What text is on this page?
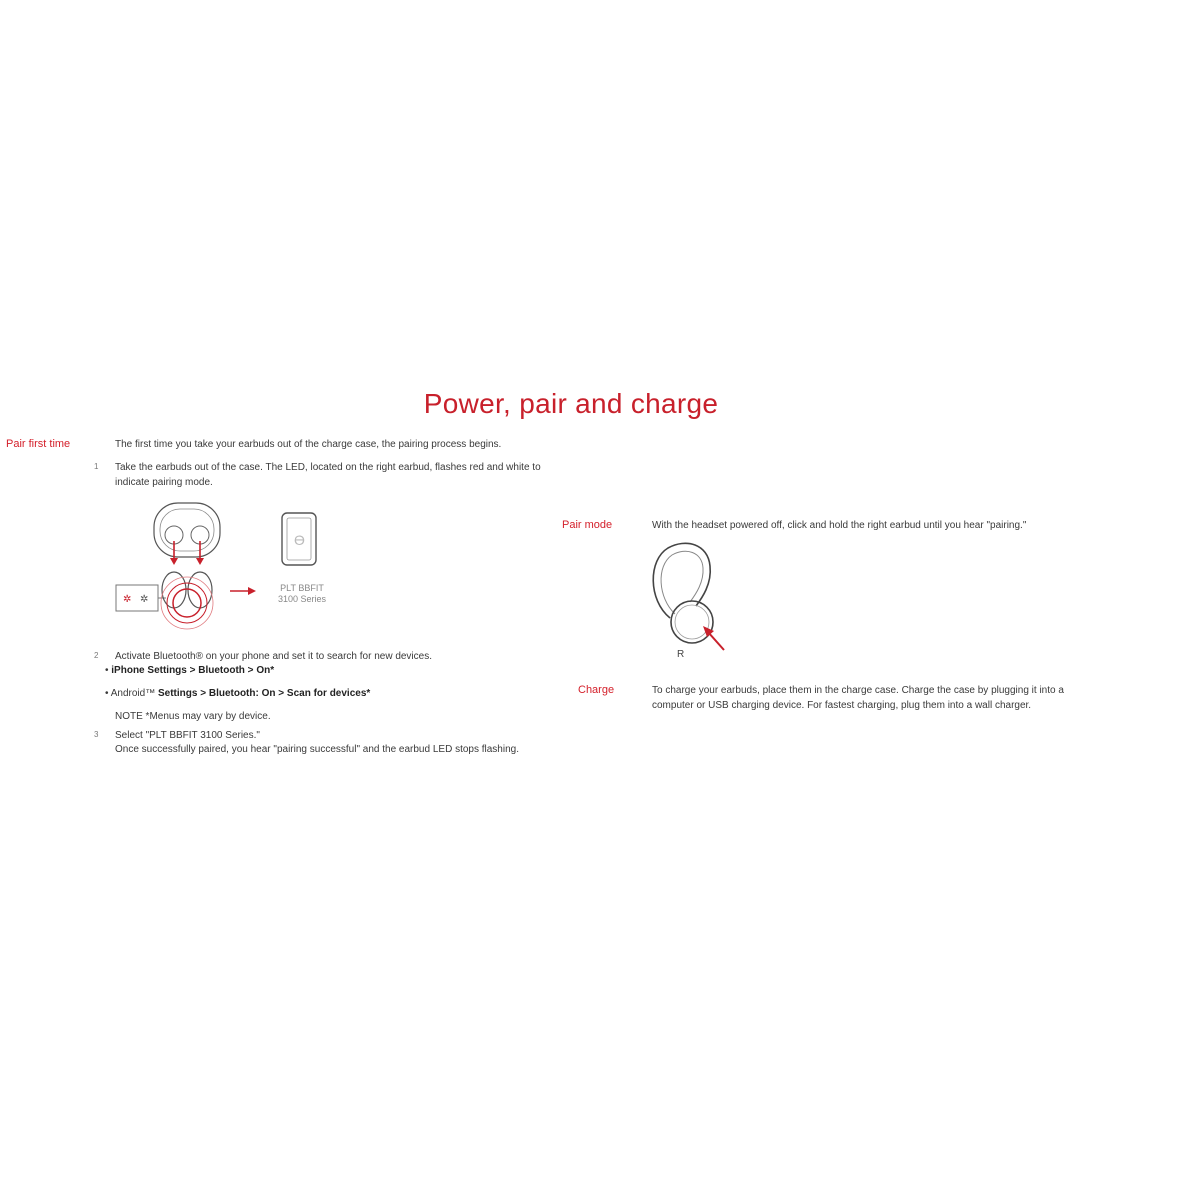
Power, pair and charge
Pair first time	The first time you take your earbuds out of the charge case, the pairing process begins.
1 Take the earbuds out of the case. The LED, located on the right earbud, flashes red and white to
indicate pairing mode.
✲ ✲
ϴ
PLT BBFIT
3100 Series
2 Activate Bluetooth® on your phone and set it to search for new devices.
• iPhone Settings > Bluetooth > On*
• Android™ Settings > Bluetooth: On > Scan for devices*
NOTE *Menus may vary by device.
3 Select "PLT BBFIT 3100 Series."
Once successfully paired, you hear "pairing successful" and the earbud LED stops flashing.
Pair mode	With the headset powered off, click and hold the right earbud until you hear "pairing."
R
Charge	To charge your earbuds, place them in the charge case. Charge the case by plugging it into a
computer or USB charging device. For fastest charging, plug them into a wall charger.
